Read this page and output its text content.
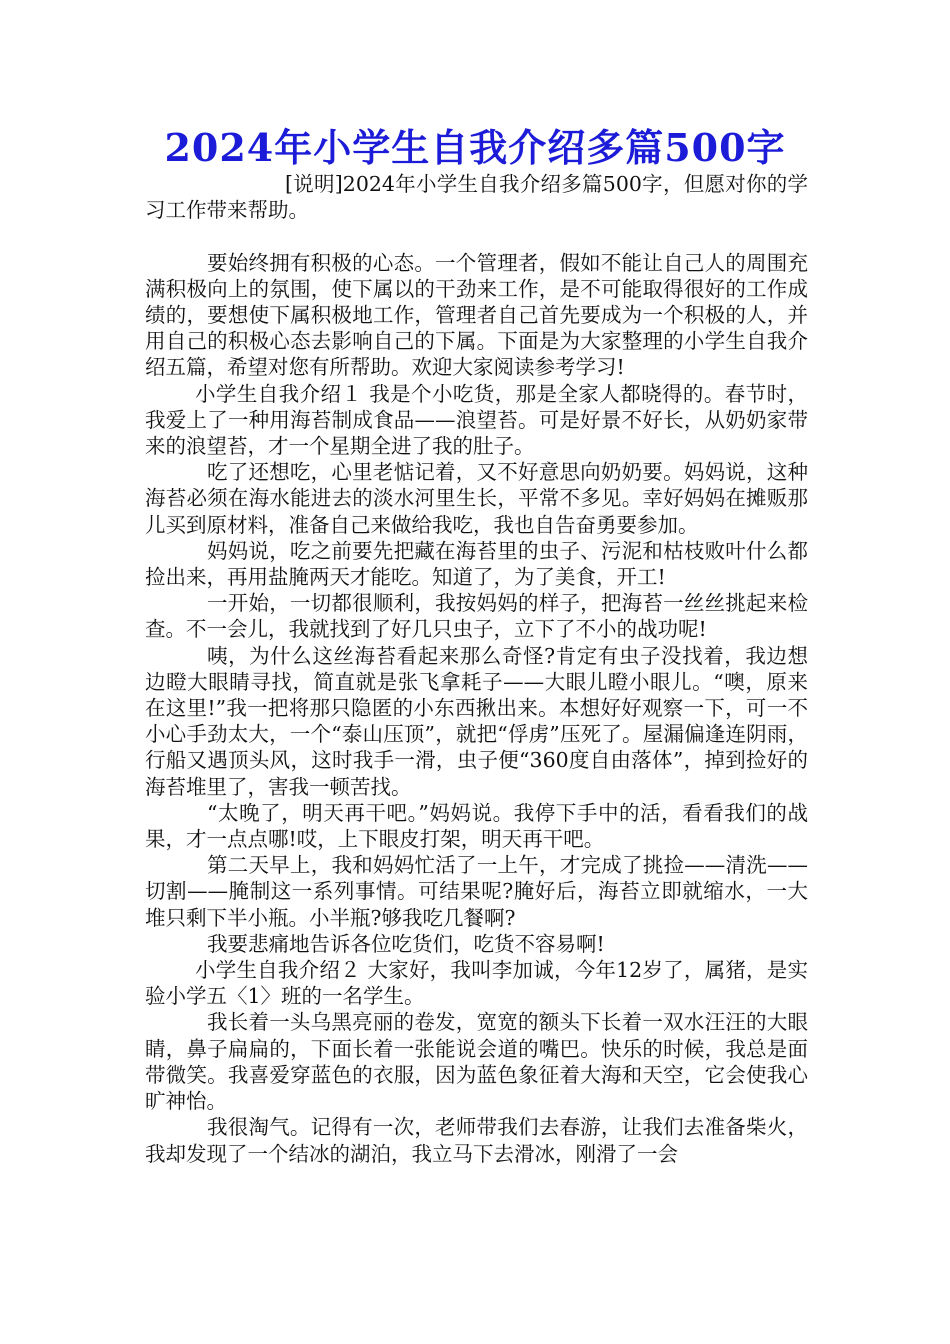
2024年小学生自我介绍多篇500字

[说明]2024年小学生自我介绍多篇500字，但愿对你的学习工作带来帮助。

要始终拥有积极的心态。一个管理者，假如不能让自己人的周围充满积极向上的氛围，使下属以的干劲来工作，是不可能取得很好的工作成绩的，要想使下属积极地工作，管理者自己首先要成为一个积极的人，并用自己的积极心态去影响自己的下属。下面是为大家整理的小学生自我介绍五篇，希望对您有所帮助。欢迎大家阅读参考学习!

小学生自我介绍１ 我是个小吃货，那是全家人都晓得的。春节时，我爱上了一种用海苔制成食品——浪望苔。可是好景不好长，从奶奶家带来的浪望苔，才一个星期全进了我的肚子。

吃了还想吃，心里老惦记着，又不好意思向奶奶要。妈妈说，这种海苔必须在海水能进去的淡水河里生长，平常不多见。幸好妈妈在摊贩那儿买到原材料，准备自己来做给我吃，我也自告奋勇要参加。

妈妈说，吃之前要先把藏在海苔里的虫子、污泥和枯枝败叶什么都捡出来，再用盐腌两天才能吃。知道了，为了美食，开工!

一开始，一切都很顺利，我按妈妈的样子，把海苔一丝丝挑起来检查。不一会儿，我就找到了好几只虫子，立下了不小的战功呢!

咦，为什么这丝海苔看起来那么奇怪?肯定有虫子没找着，我边想边瞪大眼睛寻找，简直就是张飞拿耗子——大眼儿瞪小眼儿。“噢，原来在这里!”我一把将那只隐匿的小东西揪出来。本想好好观察一下，可一不小心手劲太大，一个“泰山压顶”，就把“俘虏”压死了。屋漏偏逢连阴雨，行船又遇顶头风，这时我手一滑，虫子便“360度自由落体”，掉到捡好的海苔堆里了，害我一顿苦找。

“太晚了，明天再干吧。”妈妈说。我停下手中的活，看看我们的战果，才一点点哪!哎，上下眼皮打架，明天再干吧。

第二天早上，我和妈妈忙活了一上午，才完成了挑捡——清洗——切割——腌制这一系列事情。可结果呢?腌好后，海苔立即就缩水，一大堆只剩下半小瓶。小半瓶?够我吃几餐啊?

我要悲痛地告诉各位吃货们，吃货不容易啊!

小学生自我介绍２ 大家好，我叫李加诚，今年12岁了，属猪，是实验小学五〈1〉班的一名学生。

我长着一头乌黑亮丽的卷发，宽宽的额头下长着一双水汪汪的大眼睛，鼻子扁扁的，下面长着一张能说会道的嘴巴。快乐的时候，我总是面带微笑。我喜爱穿蓝色的衣服，因为蓝色象征着大海和天空，它会使我心旷神怡。

我很淘气。记得有一次，老师带我们去春游，让我们去准备柴火，我却发现了一个结冰的湖泊，我立马下去滑冰，刚滑了一会
